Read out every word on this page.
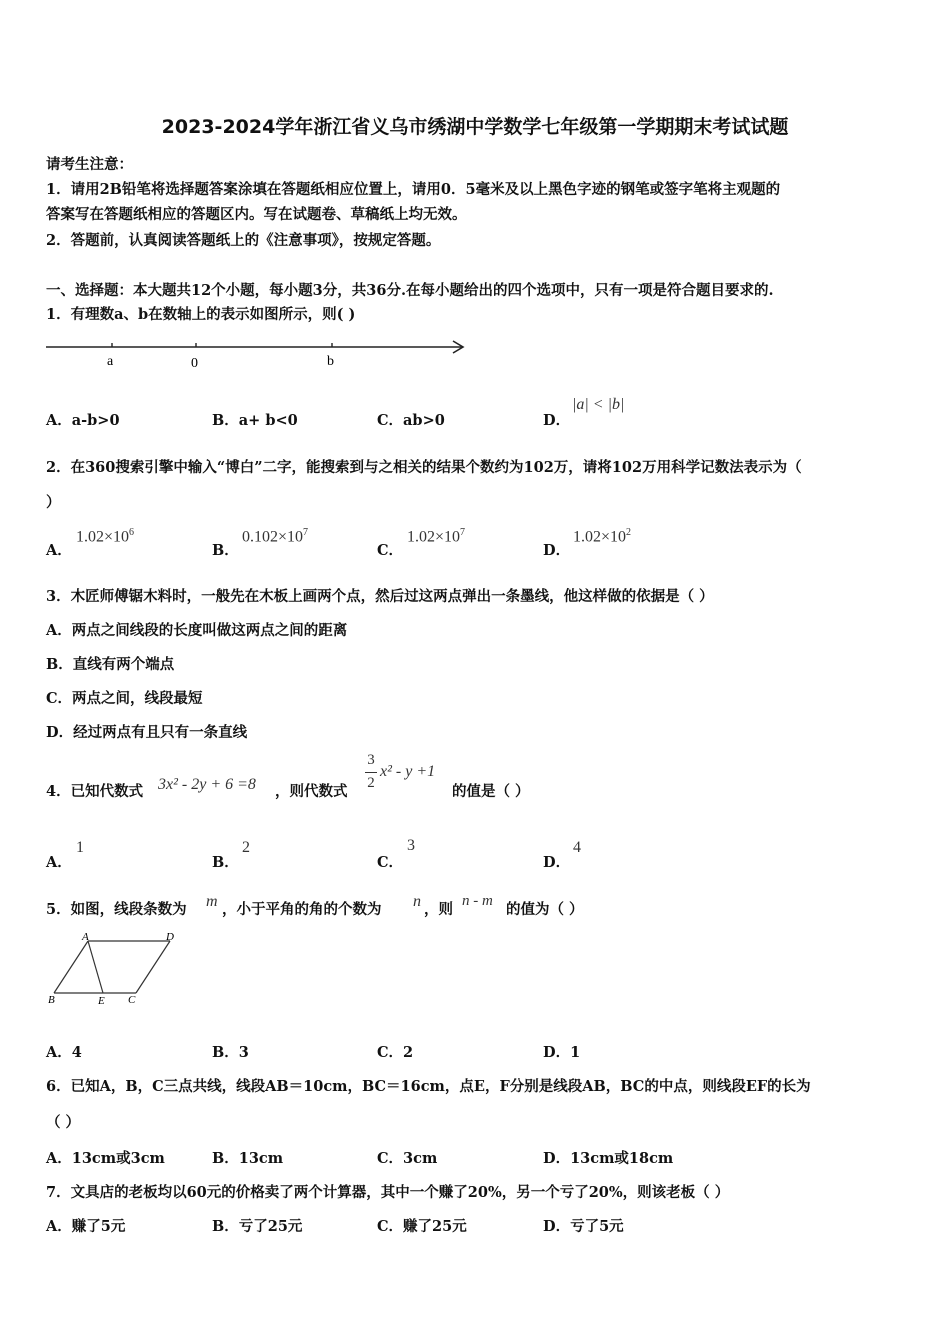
2023-2024学年浙江省义乌市绣湖中学数学七年级第一学期期末考试试题
请考生注意：
1．请用2B铅笔将选择题答案涂填在答题纸相应位置上，请用0．5毫米及以上黑色字迹的钢笔或签字笔将主观题的
答案写在答题纸相应的答题区内。写在试题卷、草稿纸上均无效。
2．答题前，认真阅读答题纸上的《注意事项》，按规定答题。
一、选择题：本大题共12个小题，每小题3分，共36分.在每小题给出的四个选项中，只有一项是符合题目要求的.
1．有理数a、b在数轴上的表示如图所示，则( )
a	0	b
A．a-b>0	B．a+ b<0	C．ab>0	D．
|a| < |b|
2．在360搜索引擎中输入“博白”二字，能搜索到与之相关的结果个数约为102万，请将102万用科学记数法表示为（
）
A．
$1.02\times 10^6$
B．
$0.102\times 10^7$
C．
$1.02\times 10^7$
D．
$1.02\times 10^2$
3．木匠师傅锯木料时，一般先在木板上画两个点，然后过这两点弹出一条墨线，他这样做的依据是（ ）
A．两点之间线段的长度叫做这两点之间的距离
B．直线有两个端点
C．两点之间，线段最短
D．经过两点有且只有一条直线
4．已知代数式 3x² - 2y + 6 =8 ，则代数式
3
2
x² - y +1
的值是（ ）
A．
1
B．
2
C．
3
D．
4
5．如图，线段条数为 m ，小于平角的角的个数为 n ，则 n - m 的值为（ ）
A	D
B	E C
A．4	B．3	C．2	D．1
6．已知A，B，C三点共线，线段AB＝10cm，BC＝16cm，点E，F分别是线段AB，BC的中点，则线段EF的长为
（ ）
A．13cm或3cm	B．13cm	C．3cm	D．13cm或18cm
7．文具店的老板均以60元的价格卖了两个计算器，其中一个赚了20%，另一个亏了20%，则该老板（ ）
A．赚了5元	B．亏了25元	C．赚了25元	D．亏了5元
